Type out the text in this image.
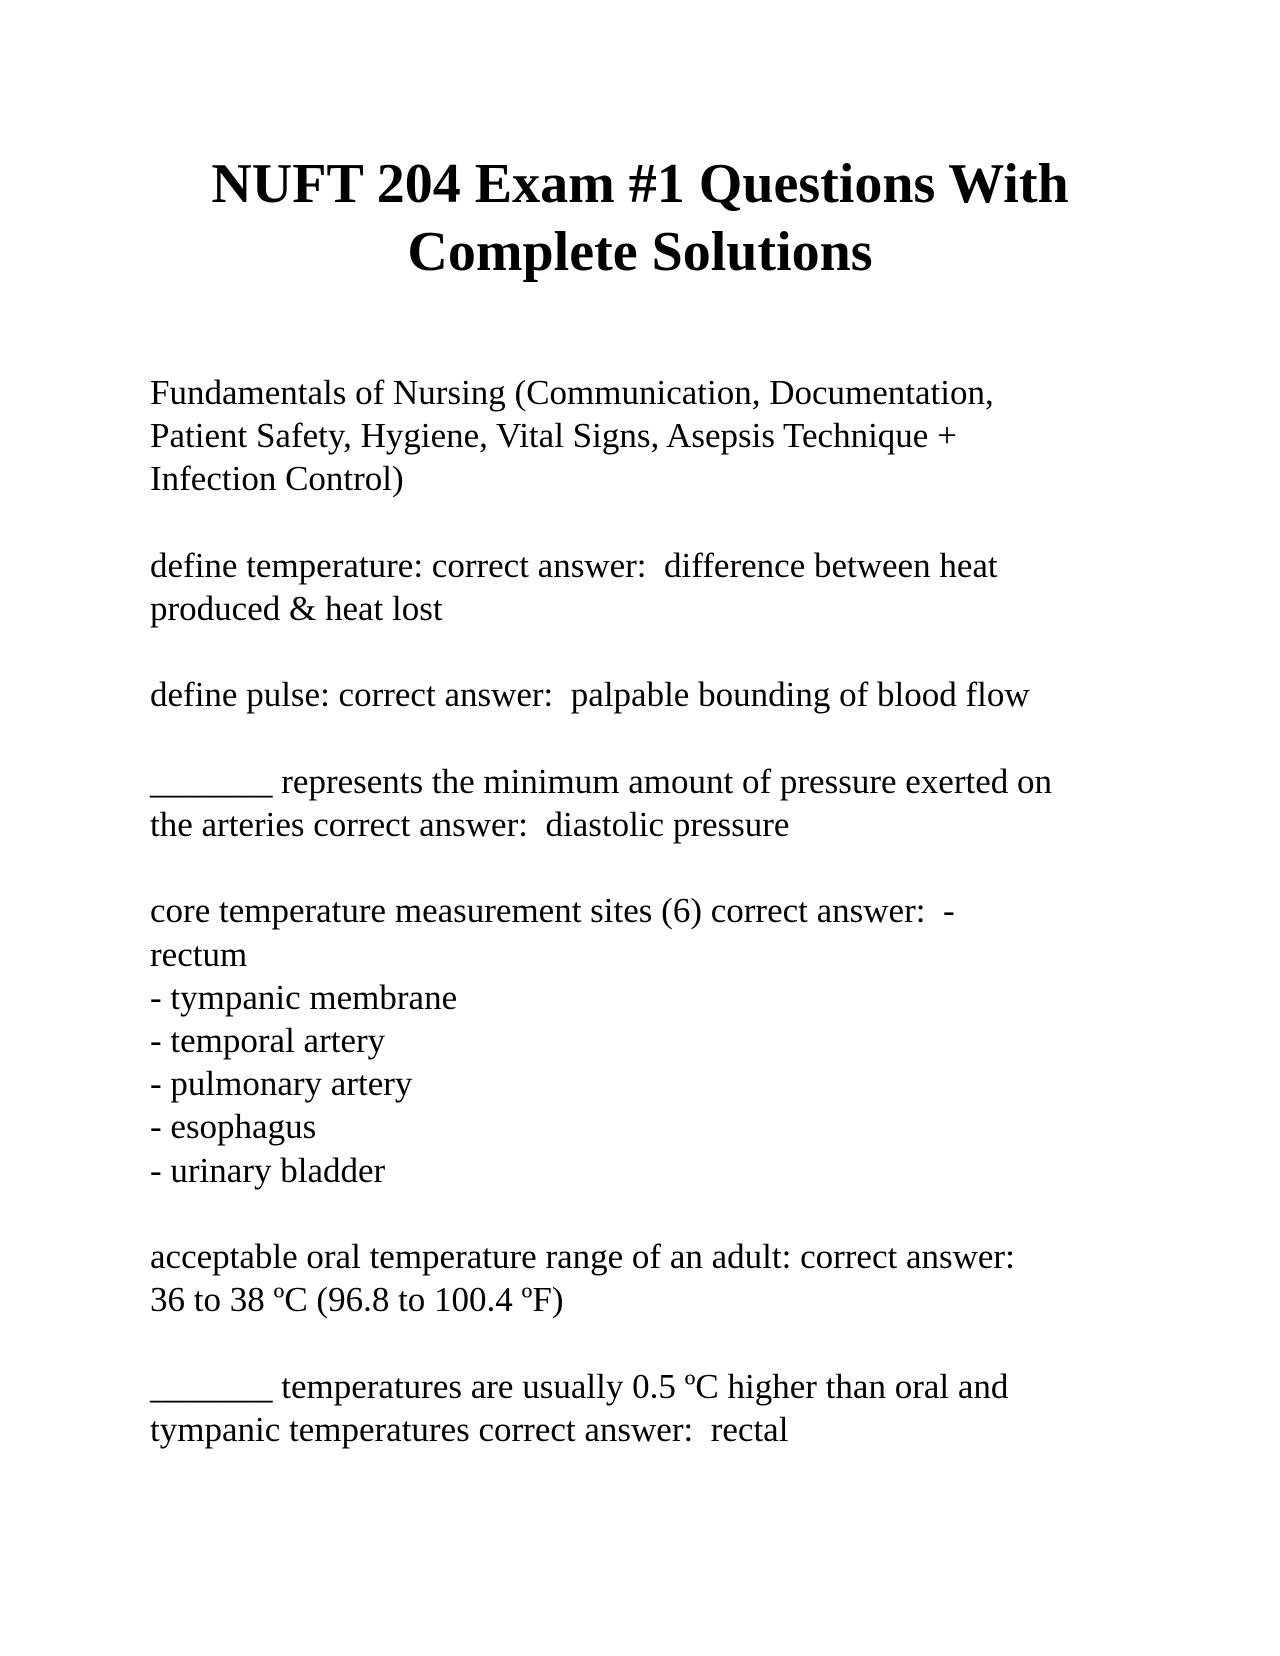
NUFT 204 Exam #1 Questions With
Complete Solutions

Fundamentals of Nursing (Communication, Documentation,
Patient Safety, Hygiene, Vital Signs, Asepsis Technique +
Infection Control)

define temperature: correct answer:  difference between heat
produced & heat lost

define pulse: correct answer:  palpable bounding of blood flow

_______ represents the minimum amount of pressure exerted on
the arteries correct answer:  diastolic pressure

core temperature measurement sites (6) correct answer:  -
rectum
- tympanic membrane
- temporal artery
- pulmonary artery
- esophagus
- urinary bladder

acceptable oral temperature range of an adult: correct answer:
36 to 38 ºC (96.8 to 100.4 ºF)

_______ temperatures are usually 0.5 ºC higher than oral and
tympanic temperatures correct answer:  rectal
